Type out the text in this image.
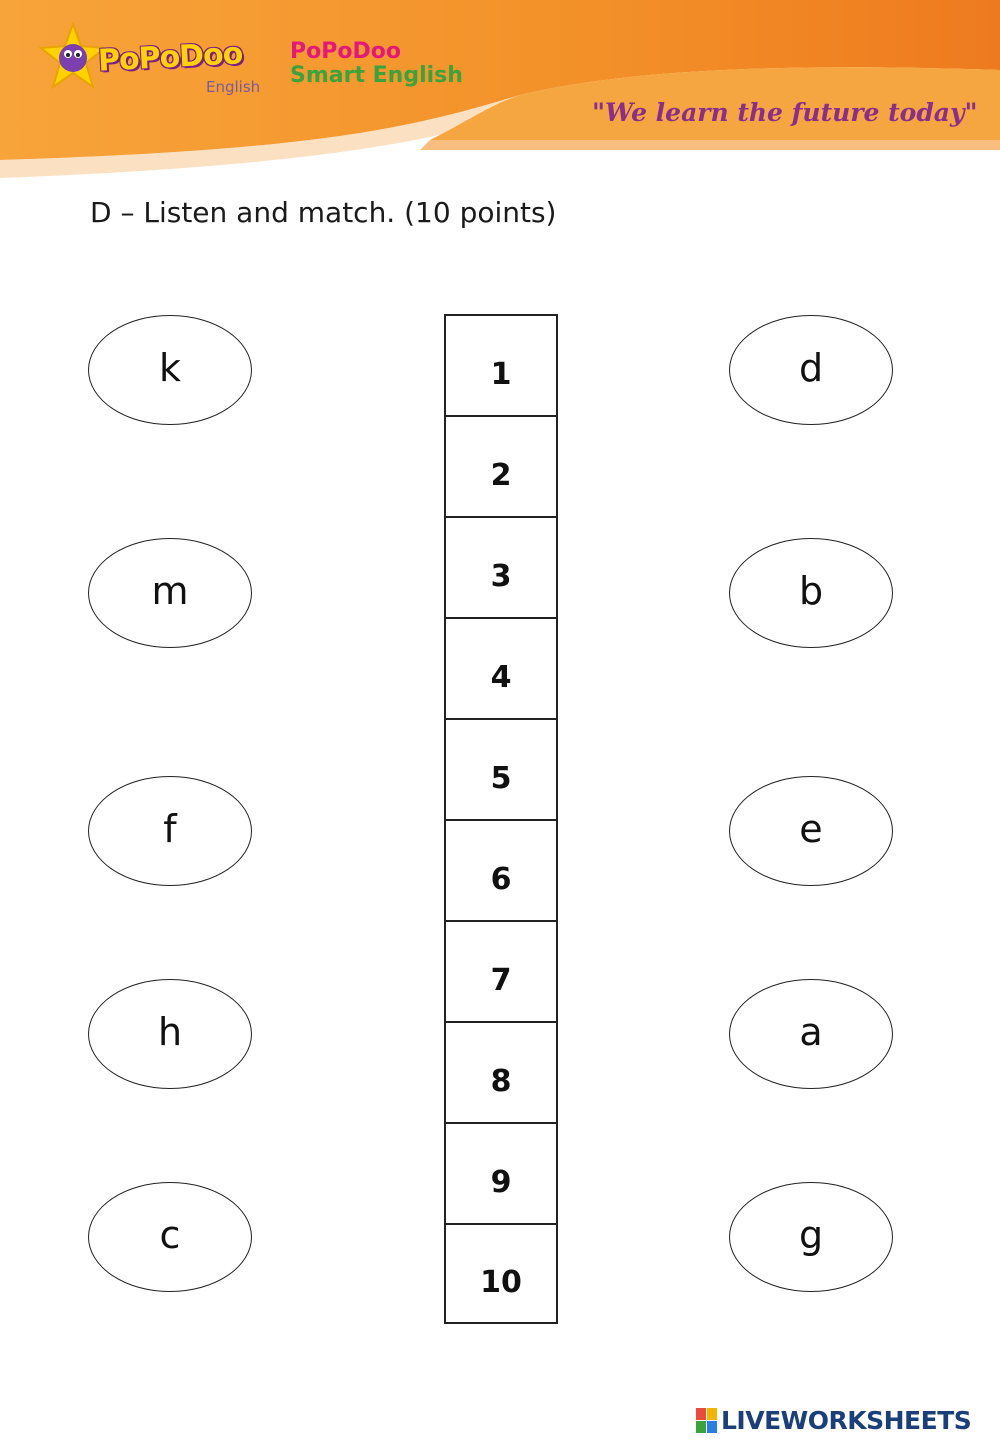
PoPoDoo
English
PoPoDoo
Smart English
"We learn the future today"
D – Listen and match. (10 points)
k
m
f
h
c
1
2
3
4
5
6
7
8
9
10
d
b
e
a
g
LIVEWORKSHEETS
